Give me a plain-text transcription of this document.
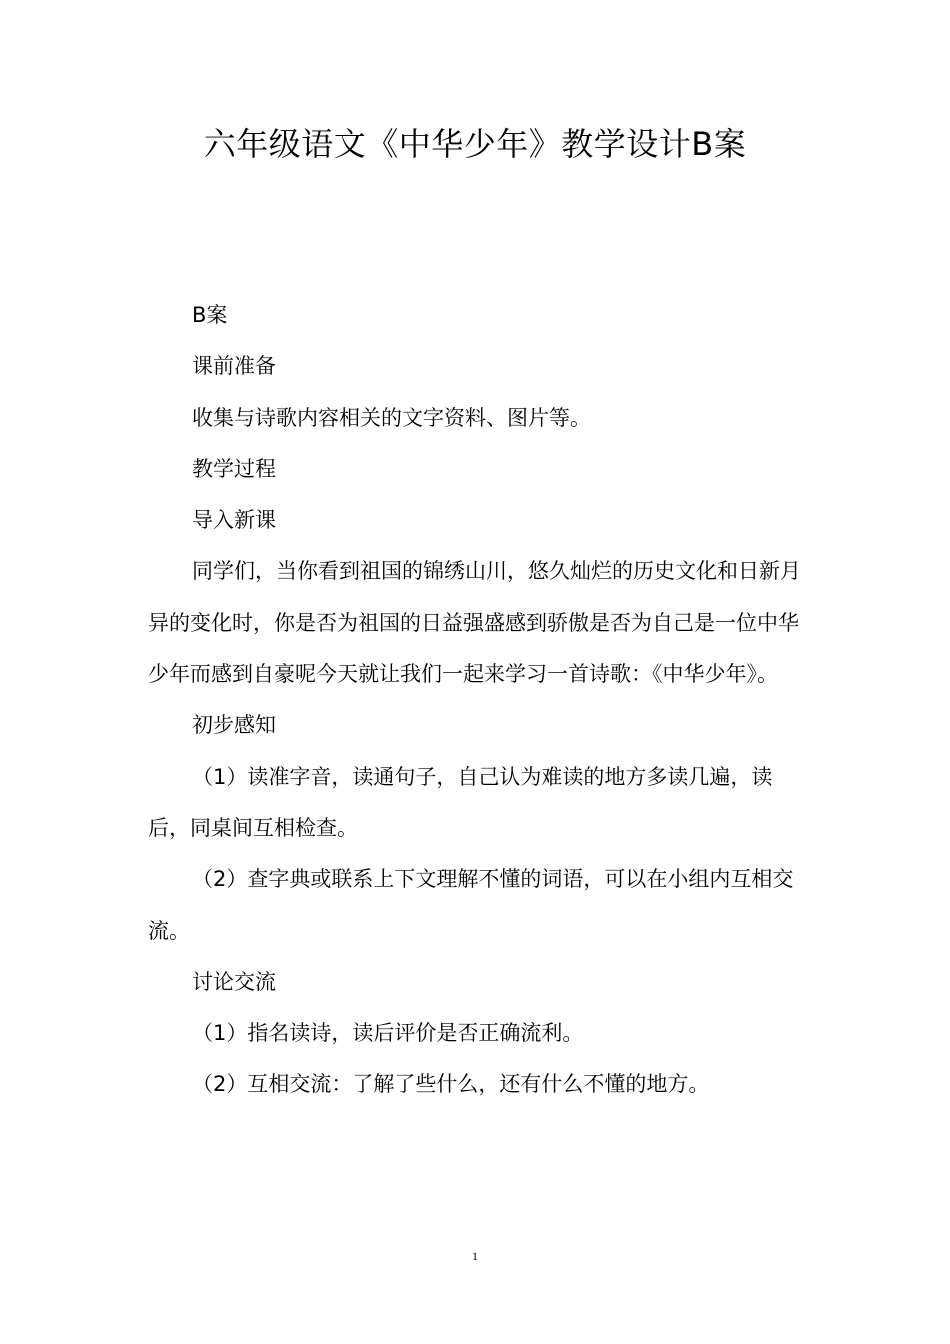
六年级语文《中华少年》教学设计B案

B案

课前准备

收集与诗歌内容相关的文字资料、图片等。

教学过程

导入新课

同学们，当你看到祖国的锦绣山川，悠久灿烂的历史文化和日新月异的变化时，你是否为祖国的日益强盛感到骄傲是否为自己是一位中华少年而感到自豪呢今天就让我们一起来学习一首诗歌：《中华少年》。

初步感知

（1）读准字音，读通句子，自己认为难读的地方多读几遍，读后，同桌间互相检查。

（2）查字典或联系上下文理解不懂的词语，可以在小组内互相交流。

讨论交流

（1）指名读诗，读后评价是否正确流利。

（2）互相交流：了解了些什么，还有什么不懂的地方。

1
